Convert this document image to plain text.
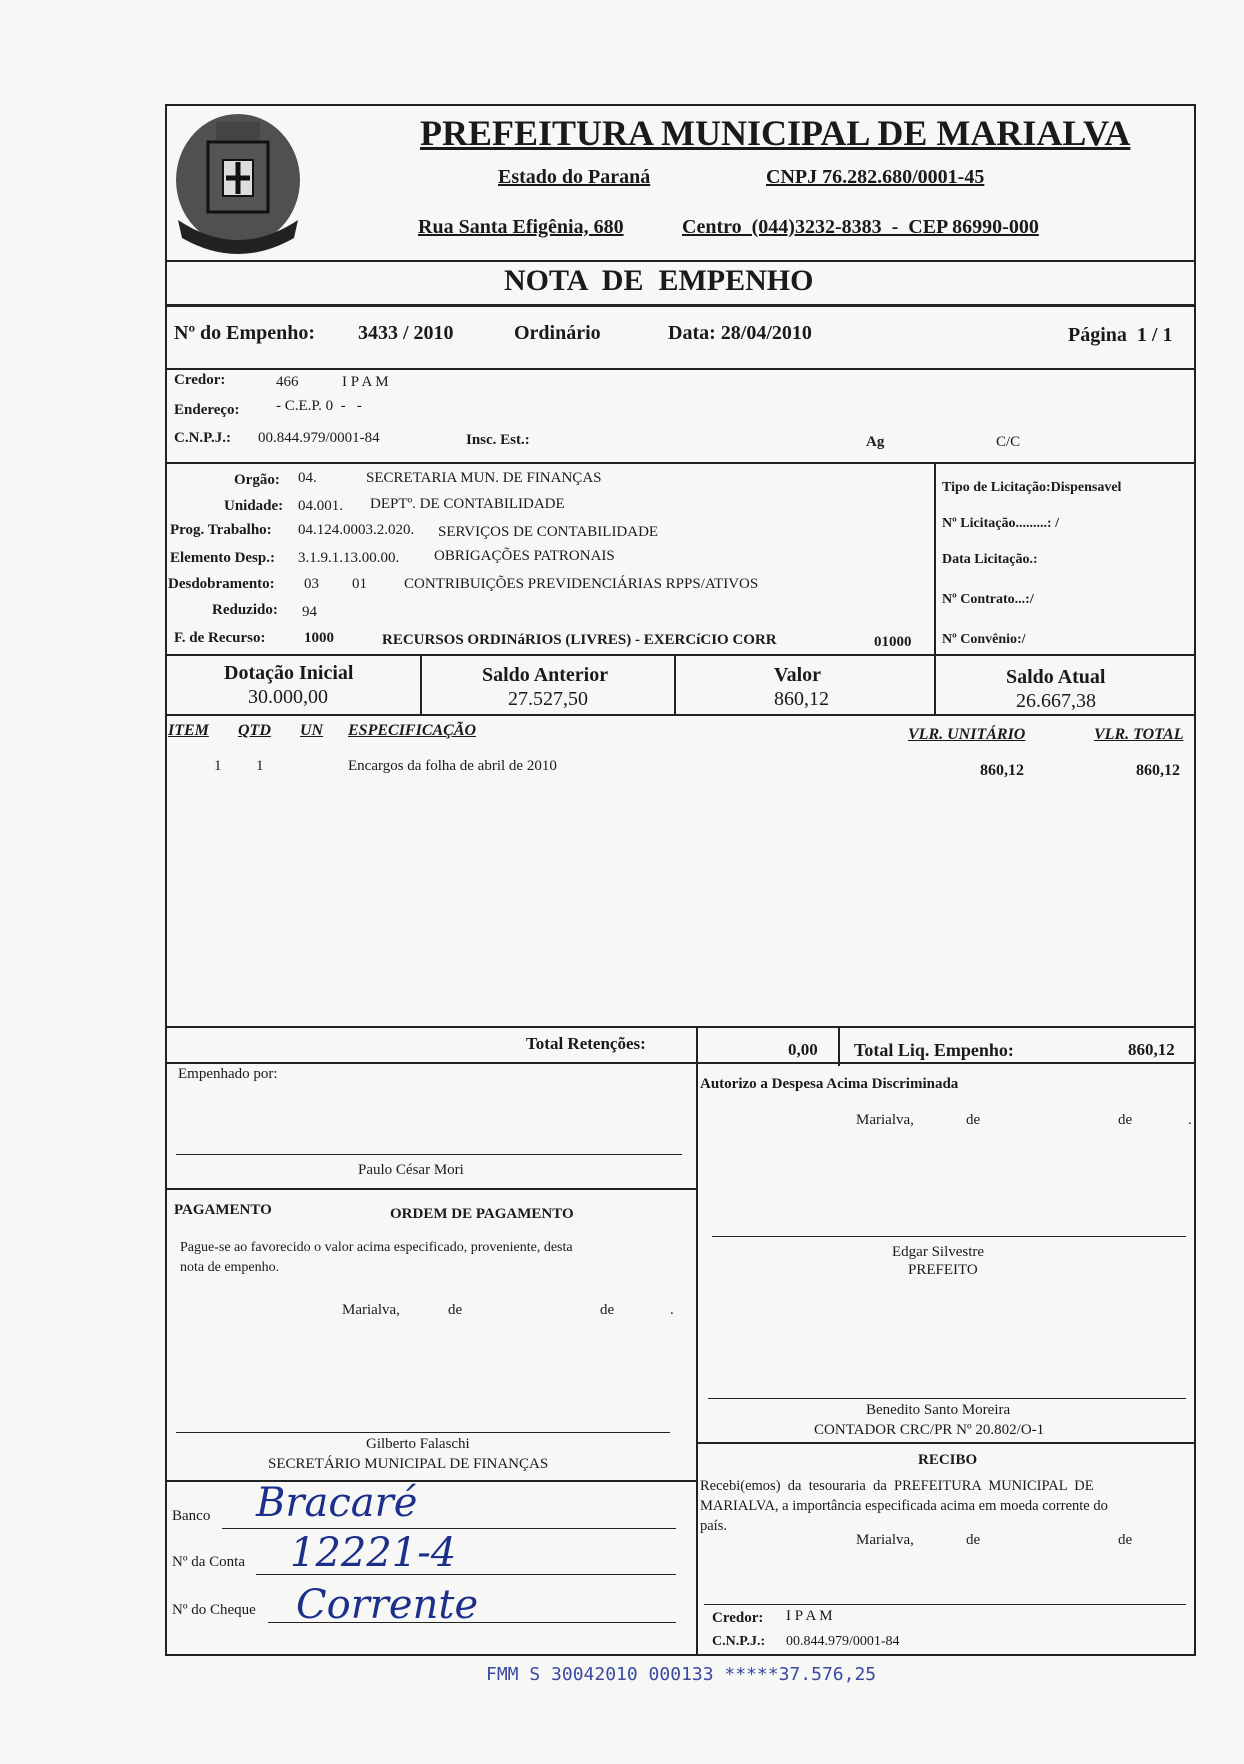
PREFEITURA MUNICIPAL DE MARIALVA
Estado do Paraná	CNPJ 76.282.680/0001-45
Rua Santa Efigênia, 680	Centro  (044)3232-8383  -  CEP 86990-000
NOTA  DE  EMPENHO
Nº do Empenho: 3433 / 2010	Ordinário	Data: 28/04/2010	Página  1 / 1
Credor:	466	I P A M
Endereço: - C.E.P. 0  -   -
C.N.P.J.: 00.844.979/0001-84	Insc. Est.:	Ag	C/C
Orgão: 04.	SECRETARIA MUN. DE FINANÇAS
Unidade: 04.001. DEPTº. DE CONTABILIDADE
Prog. Trabalho: 04.124.0003.2.020. SERVIÇOS DE CONTABILIDADE
Elemento Desp.: 3.1.9.1.13.00.00. OBRIGAÇÕES PATRONAIS
Desdobramento: 03 01 CONTRIBUIÇÕES PREVIDENCIÁRIAS RPPS/ATIVOS
Reduzido: 94
F. de Recurso:	1000	RECURSOS ORDINáRIOS (LIVRES) - EXERCíCIO CORR	01000
Tipo de Licitação:Dispensavel
Nº Licitação.........: /
Data Licitação.:
Nº Contrato...:/
Nº Convênio:/
Dotação Inicial
30.000,00
Saldo Anterior
27.527,50
Valor
860,12
Saldo Atual
26.667,38
ITEM QTD UN ESPECIFICAÇÃO	VLR. UNITÁRIO	VLR. TOTAL
1 1	Encargos da folha de abril de 2010	860,12	860,12
Total Retenções:	0,00 Total Liq. Empenho:	860,12
Empenhado por:
Paulo César Mori
Autorizo a Despesa Acima Discriminada
Marialva,	de	de	.
Edgar Silvestre
PREFEITO
Benedito Santo Moreira
CONTADOR CRC/PR Nº 20.802/O-1
PAGAMENTO	ORDEM DE PAGAMENTO
Pague-se ao favorecido o valor acima especificado, proveniente, desta
nota de empenho.
Marialva,	de	de	.
Gilberto Falaschi
SECRETÁRIO MUNICIPAL DE FINANÇAS	RECIBO
Recebi(emos)  da  tesouraria  da  PREFEITURA  MUNICIPAL  DE
MARIALVA, a importância especificada acima em moeda corrente do
país.
Marialva,	de	de
Credor: I P A M
C.N.P.J.: 00.844.979/0001-84
Banco Bracaré
Nº da Conta 12221-4
Nº do Cheque Corrente
FMM S 30042010 000133 *****37.576,25
